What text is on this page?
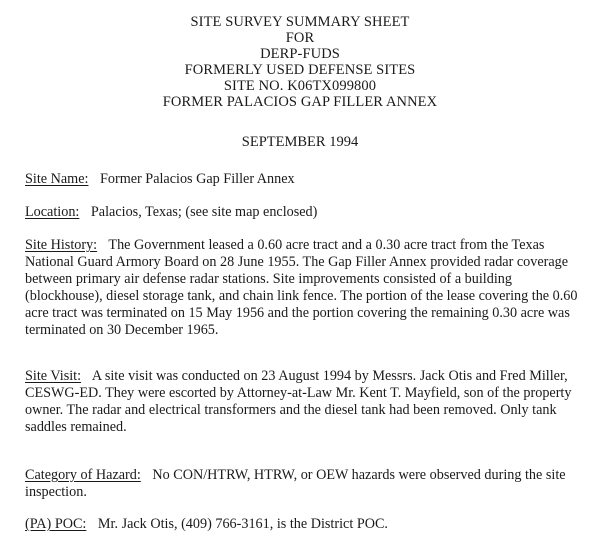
SITE SURVEY SUMMARY SHEET
FOR
DERP-FUDS
FORMERLY USED DEFENSE SITES
SITE NO. K06TX099800
FORMER PALACIOS GAP FILLER ANNEX
SEPTEMBER 1994
Site Name: Former Palacios Gap Filler Annex
Location: Palacios, Texas; (see site map enclosed)
Site History: The Government leased a 0.60 acre tract and a 0.30 acre tract from the Texas National Guard Armory Board on 28 June 1955. The Gap Filler Annex provided radar coverage between primary air defense radar stations. Site improvements consisted of a building (blockhouse), diesel storage tank, and chain link fence. The portion of the lease covering the 0.60 acre tract was terminated on 15 May 1956 and the portion covering the remaining 0.30 acre was terminated on 30 December 1965.
Site Visit: A site visit was conducted on 23 August 1994 by Messrs. Jack Otis and Fred Miller, CESWG-ED. They were escorted by Attorney-at-Law Mr. Kent T. Mayfield, son of the property owner. The radar and electrical transformers and the diesel tank had been removed. Only tank saddles remained.
Category of Hazard: No CON/HTRW, HTRW, or OEW hazards were observed during the site inspection.
(PA) POC: Mr. Jack Otis, (409) 766-3161, is the District POC.
